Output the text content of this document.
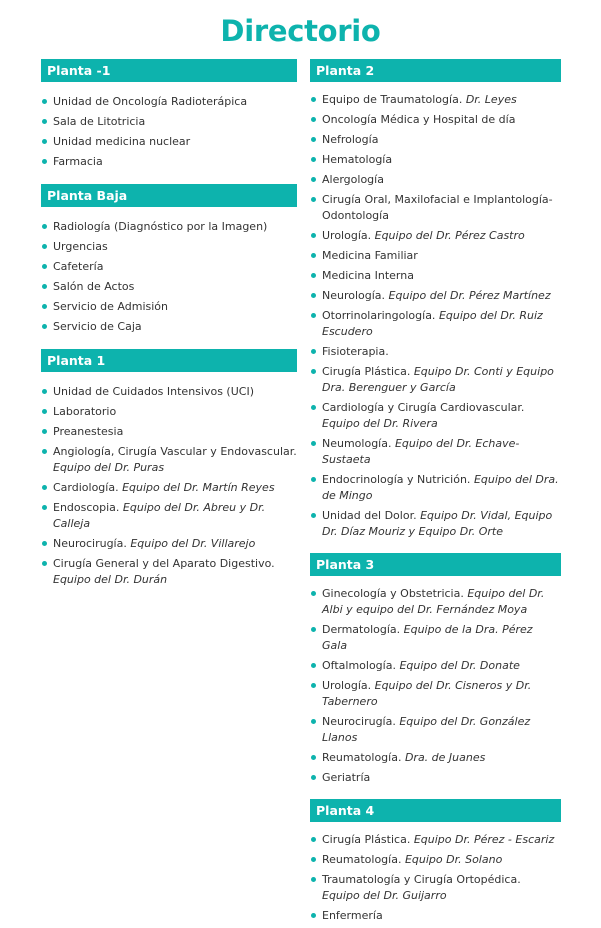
Directorio
Planta -1
Unidad de Oncología Radioterápica
Sala de Litotricia
Unidad medicina nuclear
Farmacia
Planta Baja
Radiología (Diagnóstico por la Imagen)
Urgencias
Cafetería
Salón de Actos
Servicio de Admisión
Servicio de Caja
Planta 1
Unidad de Cuidados Intensivos (UCI)
Laboratorio
Preanestesia
Angiología, Cirugía Vascular y Endovascular. Equipo del Dr. Puras
Cardiología. Equipo del Dr. Martín Reyes
Endoscopia. Equipo del Dr. Abreu y Dr. Calleja
Neurocirugía. Equipo del Dr. Villarejo
Cirugía General y del Aparato Digestivo. Equipo del Dr. Durán
Planta 2
Equipo de Traumatología. Dr. Leyes
Oncología Médica y Hospital de día
Nefrología
Hematología
Alergología
Cirugía Oral, Maxilofacial e Implantología-Odontología
Urología. Equipo del Dr. Pérez Castro
Medicina Familiar
Medicina Interna
Neurología. Equipo del Dr. Pérez Martínez
Otorrinolaringología. Equipo del Dr. Ruiz Escudero
Fisioterapia.
Cirugía Plástica. Equipo Dr. Conti y Equipo Dra. Berenguer y García
Cardiología y Cirugía Cardiovascular. Equipo del Dr. Rivera
Neumología. Equipo del Dr. Echave-Sustaeta
Endocrinología y Nutrición. Equipo del Dra. de Mingo
Unidad del Dolor. Equipo Dr. Vidal, Equipo Dr. Díaz Mouriz y Equipo Dr. Orte
Planta 3
Ginecología y Obstetricia. Equipo del Dr. Albi y equipo del Dr. Fernández Moya
Dermatología. Equipo de la Dra. Pérez Gala
Oftalmología. Equipo del Dr. Donate
Urología. Equipo del Dr. Cisneros y Dr. Tabernero
Neurocirugía. Equipo del Dr. González Llanos
Reumatología. Dra. de Juanes
Geriatría
Planta 4
Cirugía Plástica. Equipo Dr. Pérez - Escariz
Reumatología. Equipo Dr. Solano
Traumatología y Cirugía Ortopédica. Equipo del Dr. Guijarro
Enfermería
